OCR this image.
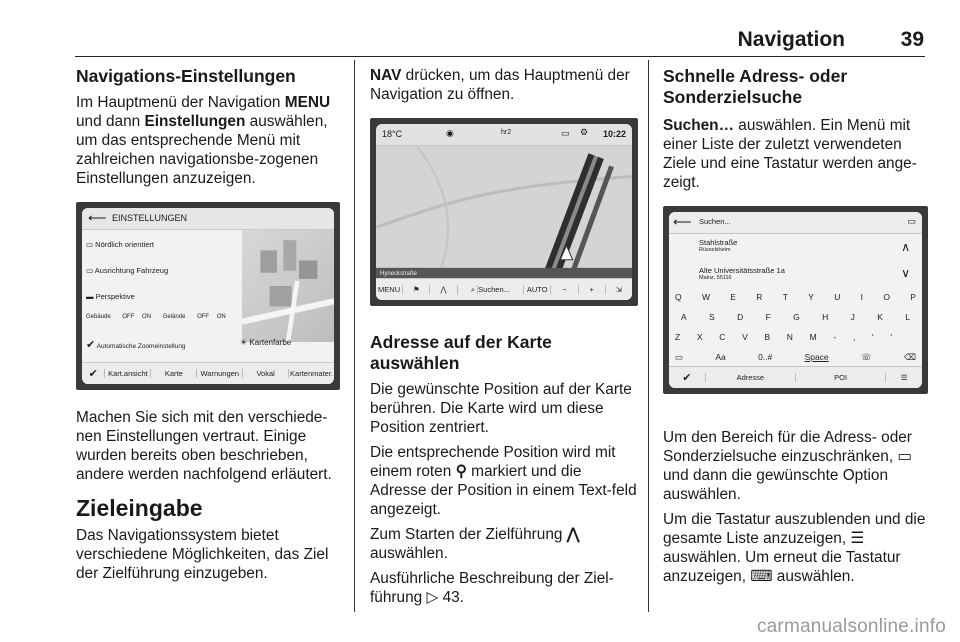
Navigation	39
Navigations-Einstellungen

Im Hauptmenü der Navigation MENU und dann Einstellungen auswählen, um das entsprechende Menü mit zahlreichen navigationsbe-zogenen Einstellungen anzuzeigen.

⟵ EINSTELLUNGEN
▭ Nördlich orientiert
▭ Ausrichtung Fahrzeug
▬ Perspektive
Gebäude OFF ON Gelände OFF ON
✔ Automatische Zoomeinstellung	☀ Kartenfarbe
✔	Kart.ansicht	Karte	Warnungen	Vokal	Kartenmater.

Machen Sie sich mit den verschiede-nen Einstellungen vertraut. Einige wurden bereits oben beschrieben, andere werden nachfolgend erläutert.

Zieleingabe

Das Navigationssystem bietet verschiedene Möglichkeiten, das Ziel der Zielführung einzugeben.

NAV drücken, um das Hauptmenü der Navigation zu öffnen.

18°C	◉	hr2	▭ ⚙ 10:22
Hyneckstraße
MENU	⚑	⋀	⌕ Suchen...	AUTO	−	+	⇲
Adresse auf der Karte auswählen

Die gewünschte Position auf der Karte berühren. Die Karte wird um diese Position zentriert.

Die entsprechende Position wird mit einem roten ⚲ markiert und die Adresse der Position in einem Text-feld angezeigt.

Zum Starten der Zielführung ⋀
auswählen.

Ausführliche Beschreibung der Ziel-führung ▷ 43.

Schnelle Adress- oder Sonderzielsuche

Suchen… auswählen. Ein Menü mit einer Liste der zuletzt verwendeten Ziele und eine Tastatur werden ange-zeigt.

⟵ Suchen...	▭
Stahlstraße
Rüsselsheim	∧
Alte Universitätsstraße 1a
Mainz, 55116	∨
Q W E R T Y U I O P
A	S	D	F	G	H	J	K	L
Z X C V B N M - , ' '
▭	Aa	0..#	Space	☏	⌫
✔	Adresse	POI	☰

Um den Bereich für die Adress- oder Sonderzielsuche einzuschränken, ▭ und dann die gewünschte Option auswählen.

Um die Tastatur auszublenden und die gesamte Liste anzuzeigen, ☰ auswählen. Um erneut die Tastatur anzuzeigen, ⌨ auswählen.

carmanualsonline.info
